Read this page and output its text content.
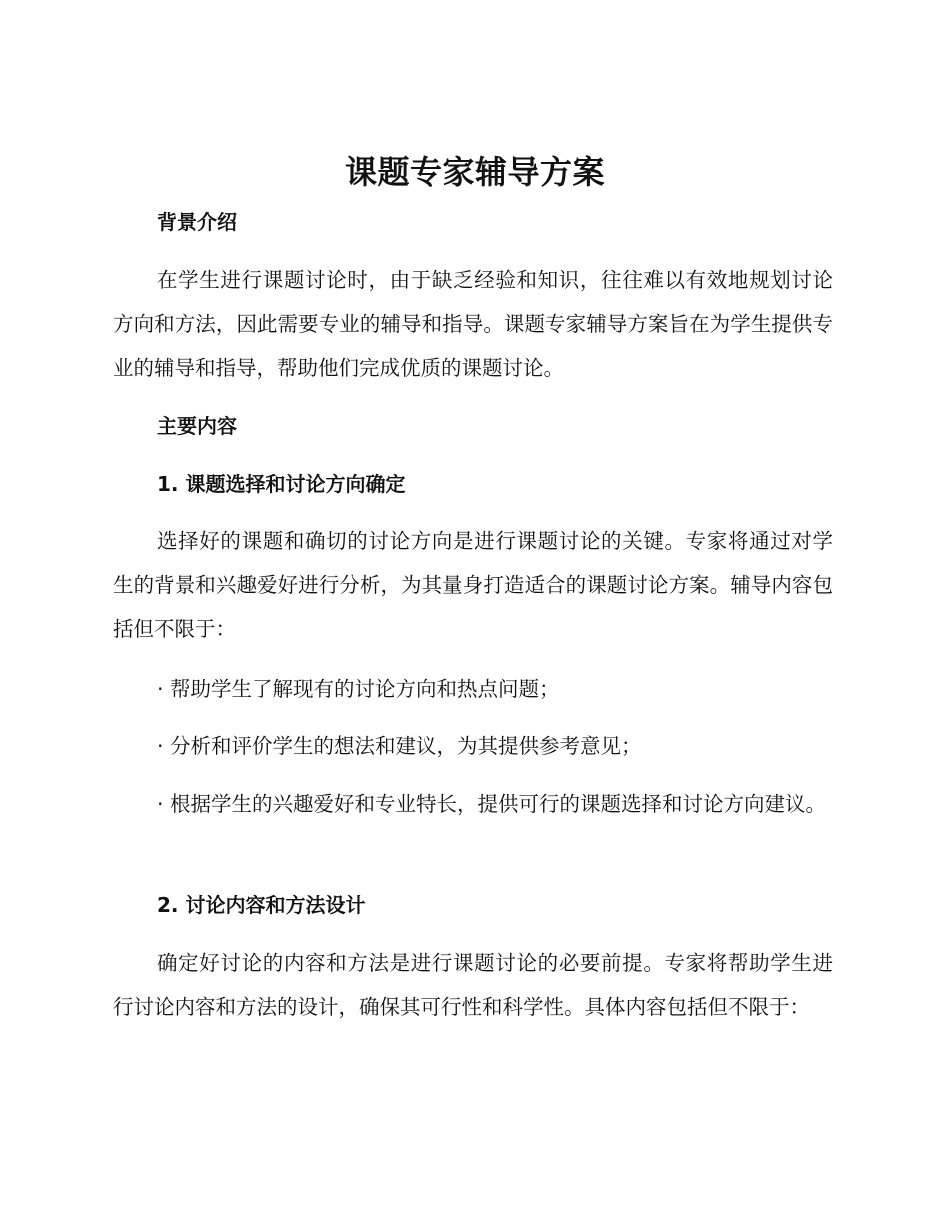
课题专家辅导方案
背景介绍

在学生进行课题讨论时，由于缺乏经验和知识，往往难以有效地规划讨论方向和方法，因此需要专业的辅导和指导。课题专家辅导方案旨在为学生提供专业的辅导和指导，帮助他们完成优质的课题讨论。

主要内容
1. 课题选择和讨论方向确定

选择好的课题和确切的讨论方向是进行课题讨论的关键。专家将通过对学生的背景和兴趣爱好进行分析，为其量身打造适合的课题讨论方案。辅导内容包括但不限于：

· 帮助学生了解现有的讨论方向和热点问题；

· 分析和评价学生的想法和建议，为其提供参考意见；

· 根据学生的兴趣爱好和专业特长，提供可行的课题选择和讨论方向建议。

2. 讨论内容和方法设计

确定好讨论的内容和方法是进行课题讨论的必要前提。专家将帮助学生进行讨论内容和方法的设计，确保其可行性和科学性。具体内容包括但不限于：
